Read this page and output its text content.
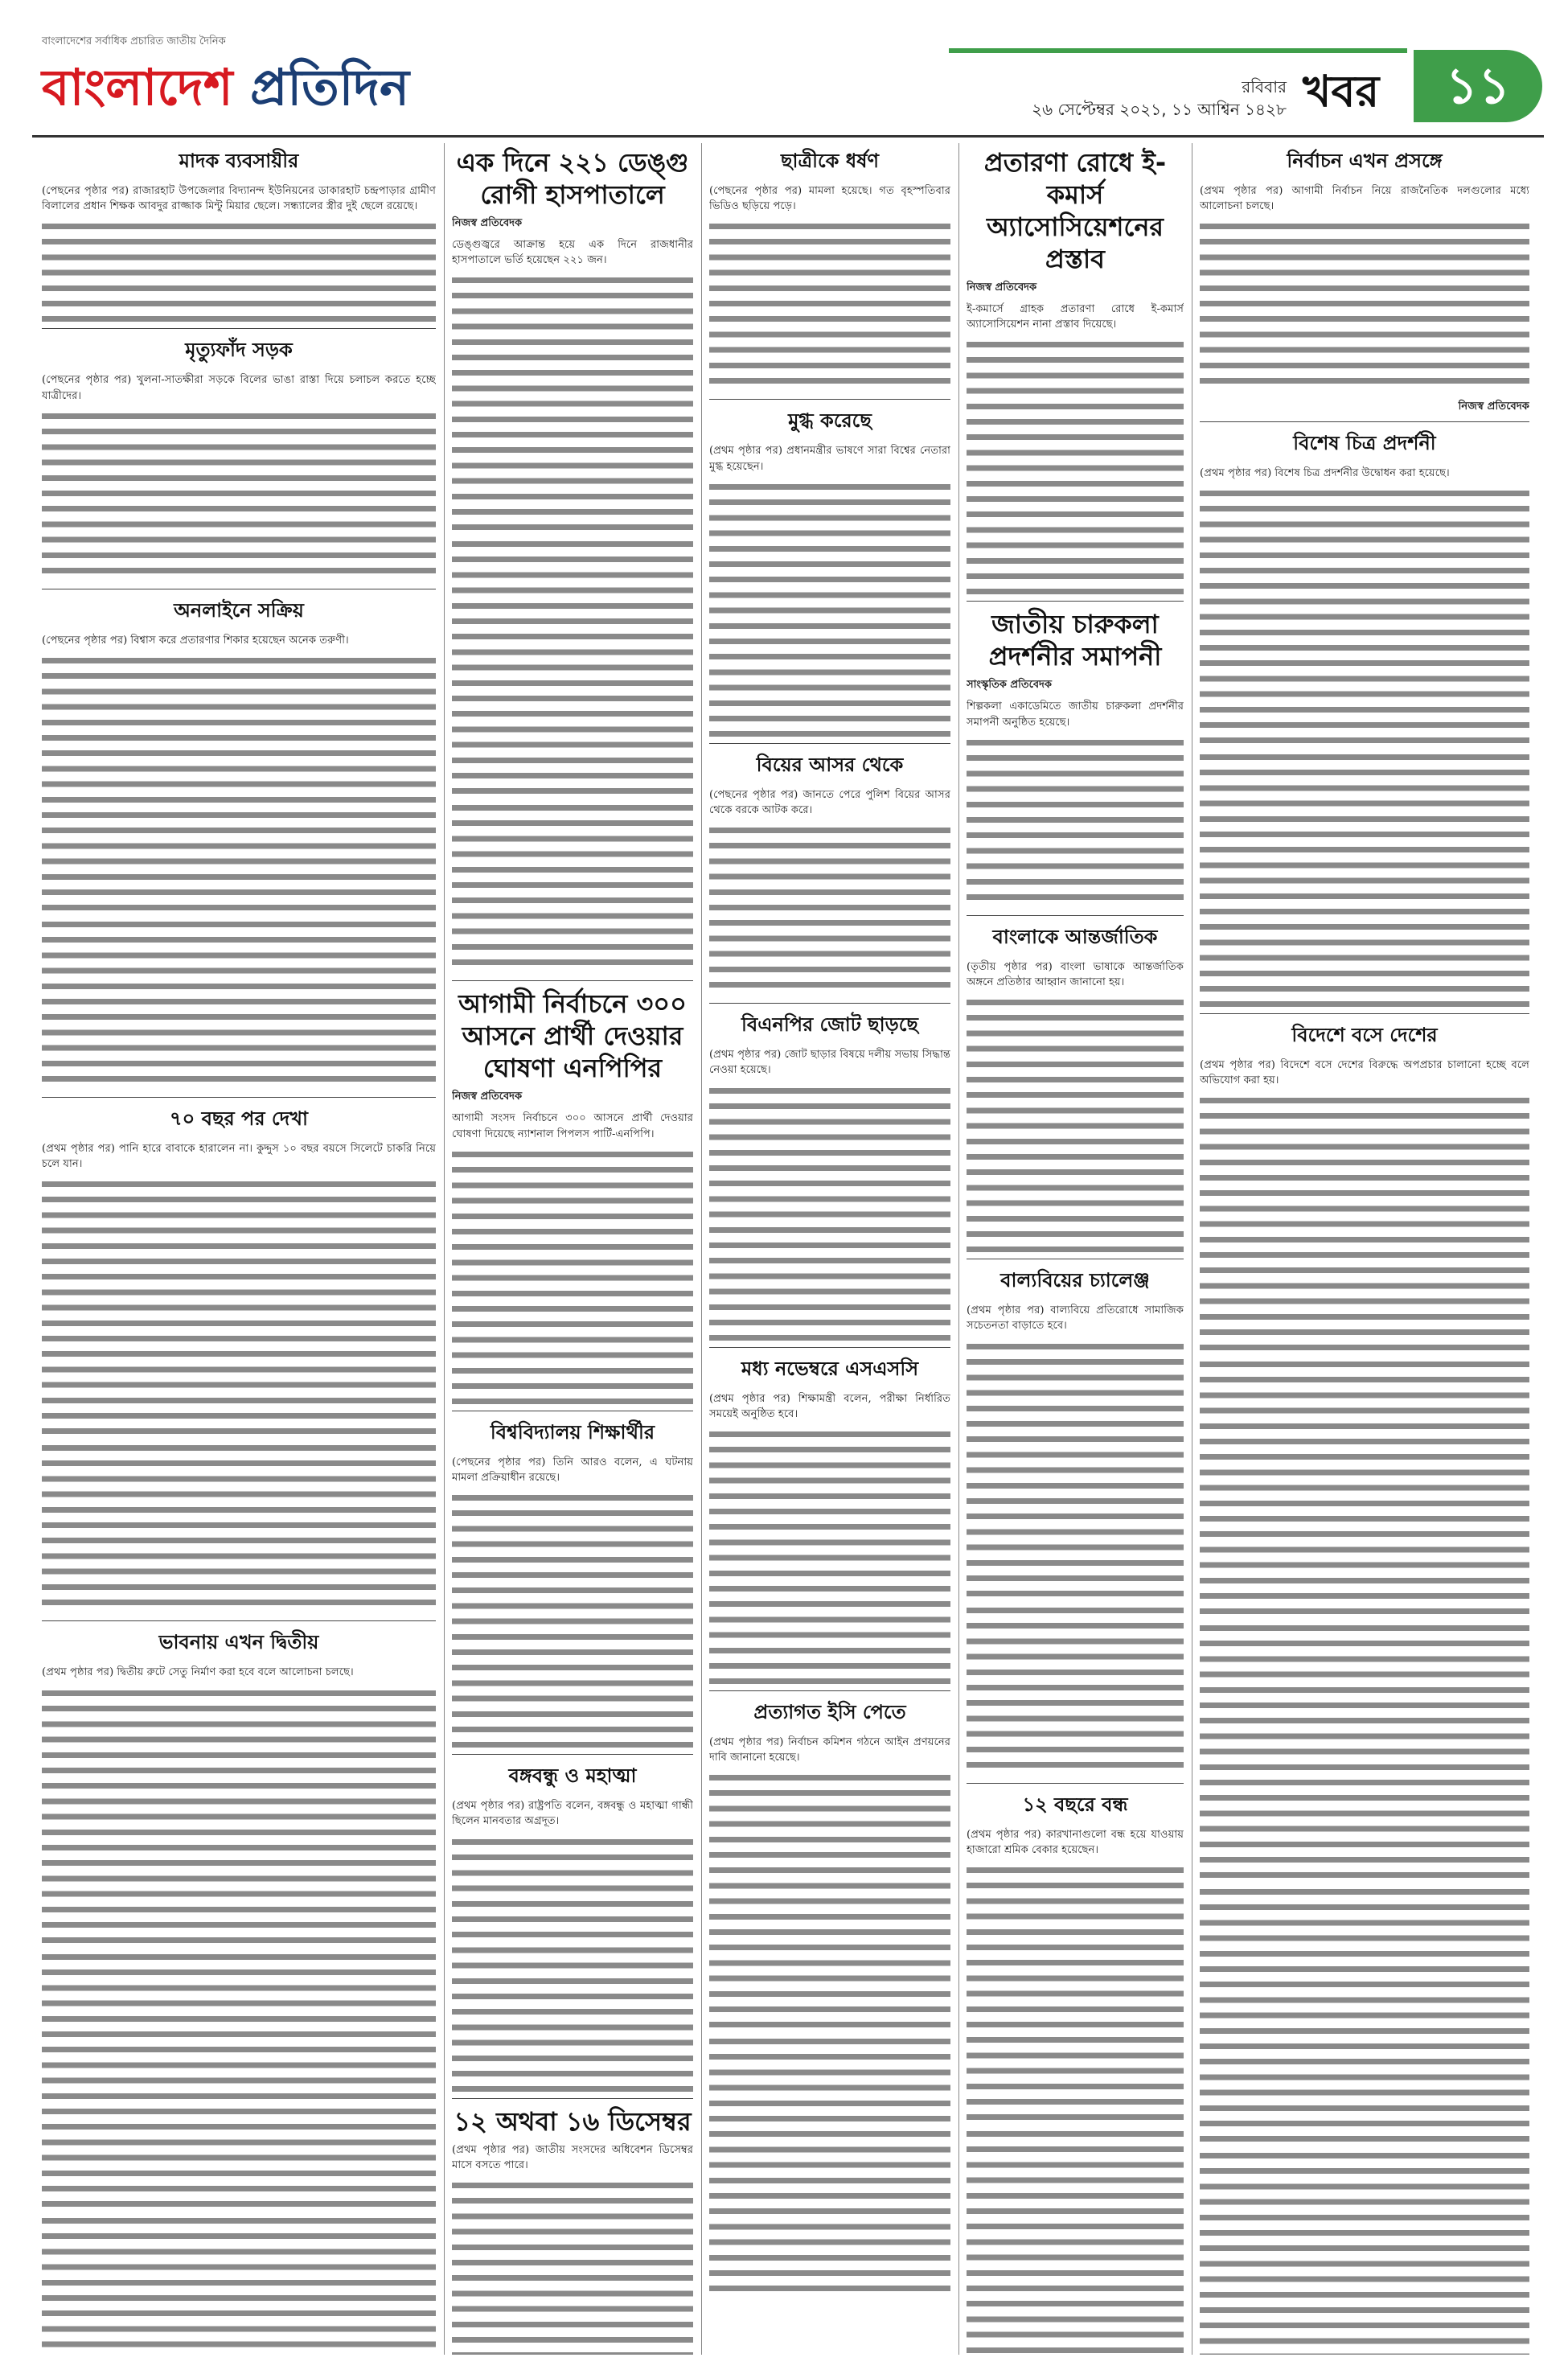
বাংলাদেশের সর্বাধিক প্রচারিত জাতীয় দৈনিক
বাংলাদেশ প্রতিদিন	রবিবার
২৬ সেপ্টেম্বর ২০২১, ১১ আশ্বিন ১৪২৮ খবর	১১
মাদক ব্যবসায়ীর

(পেছনের পৃষ্ঠার পর) রাজারহাট উপজেলার বিদ্যানন্দ ইউনিয়নের ডাকারহাট চন্দ্রপাড়ার গ্রামীণ বিলালের প্রধান শিক্ষক আবদুর রাজ্জাক মিন্টু মিয়ার ছেলে। সন্ধ্যালের স্ত্রীর দুই ছেলে রয়েছে।

মৃত্যুফাঁদ সড়ক

(পেছনের পৃষ্ঠার পর) খুলনা-সাতক্ষীরা সড়কে বিলের ভাঙা রাস্তা দিয়ে চলাচল করতে হচ্ছে যাত্রীদের।

অনলাইনে সক্রিয়

(পেছনের পৃষ্ঠার পর) বিশ্বাস করে প্রতারণার শিকার হয়েছেন অনেক তরুণী।

৭০ বছর পর দেখা

(প্রথম পৃষ্ঠার পর) পানি হারে বাবাকে হারালেন না। কুদ্দুস ১০ বছর বয়সে সিলেটে চাকরি নিয়ে চলে যান।

ভাবনায় এখন দ্বিতীয়

(প্রথম পৃষ্ঠার পর) দ্বিতীয় রুটে সেতু নির্মাণ করা হবে বলে আলোচনা চলছে।

এক দিনে ২২১ ডেঙ্গু রোগী হাসপাতালে
নিজস্ব প্রতিবেদক

ডেঙ্গুজ্বরে আক্রান্ত হয়ে এক দিনে রাজধানীর হাসপাতালে ভর্তি হয়েছেন ২২১ জন।

আগামী নির্বাচনে ৩০০ আসনে প্রার্থী দেওয়ার ঘোষণা এনপিপির
নিজস্ব প্রতিবেদক

আগামী সংসদ নির্বাচনে ৩০০ আসনে প্রার্থী দেওয়ার ঘোষণা দিয়েছে ন্যাশনাল পিপলস পার্টি-এনপিপি।

বিশ্ববিদ্যালয় শিক্ষার্থীর

(পেছনের পৃষ্ঠার পর) তিনি আরও বলেন, এ ঘটনায় মামলা প্রক্রিয়াধীন রয়েছে।

বঙ্গবন্ধু ও মহাত্মা

(প্রথম পৃষ্ঠার পর) রাষ্ট্রপতি বলেন, বঙ্গবন্ধু ও মহাত্মা গান্ধী ছিলেন মানবতার অগ্রদূত।

১২ অথবা ১৬ ডিসেম্বর

(প্রথম পৃষ্ঠার পর) জাতীয় সংসদের অধিবেশন ডিসেম্বর মাসে বসতে পারে।

ছাত্রীকে ধর্ষণ

(পেছনের পৃষ্ঠার পর) মামলা হয়েছে। গত বৃহস্পতিবার ভিডিও ছড়িয়ে পড়ে।

মুগ্ধ করেছে

(প্রথম পৃষ্ঠার পর) প্রধানমন্ত্রীর ভাষণে সারা বিশ্বের নেতারা মুগ্ধ হয়েছেন।

বিয়ের আসর থেকে

(পেছনের পৃষ্ঠার পর) জানতে পেরে পুলিশ বিয়ের আসর থেকে বরকে আটক করে।

বিএনপির জোট ছাড়ছে

(প্রথম পৃষ্ঠার পর) জোট ছাড়ার বিষয়ে দলীয় সভায় সিদ্ধান্ত নেওয়া হয়েছে।

মধ্য নভেম্বরে এসএসসি

(প্রথম পৃষ্ঠার পর) শিক্ষামন্ত্রী বলেন, পরীক্ষা নির্ধারিত সময়েই অনুষ্ঠিত হবে।

প্রত্যাগত ইসি পেতে

(প্রথম পৃষ্ঠার পর) নির্বাচন কমিশন গঠনে আইন প্রণয়নের দাবি জানানো হয়েছে।

প্রতারণা রোধে ই-কমার্স অ্যাসোসিয়েশনের প্রস্তাব
নিজস্ব প্রতিবেদক

ই-কমার্সে গ্রাহক প্রতারণা রোধে ই-কমার্স অ্যাসোসিয়েশন নানা প্রস্তাব দিয়েছে।

জাতীয় চারুকলা প্রদর্শনীর সমাপনী
সাংস্কৃতিক প্রতিবেদক

শিল্পকলা একাডেমিতে জাতীয় চারুকলা প্রদর্শনীর সমাপনী অনুষ্ঠিত হয়েছে।

বাংলাকে আন্তর্জাতিক

(তৃতীয় পৃষ্ঠার পর) বাংলা ভাষাকে আন্তর্জাতিক অঙ্গনে প্রতিষ্ঠার আহ্বান জানানো হয়।

বাল্যবিয়ের চ্যালেঞ্জ

(প্রথম পৃষ্ঠার পর) বাল্যবিয়ে প্রতিরোধে সামাজিক সচেতনতা বাড়াতে হবে।

১২ বছরে বন্ধ

(প্রথম পৃষ্ঠার পর) কারখানাগুলো বন্ধ হয়ে যাওয়ায় হাজারো শ্রমিক বেকার হয়েছেন।

নির্বাচন এখন প্রসঙ্গে

(প্রথম পৃষ্ঠার পর) আগামী নির্বাচন নিয়ে রাজনৈতিক দলগুলোর মধ্যে আলোচনা চলছে।

নিজস্ব প্রতিবেদক

বিশেষ চিত্র প্রদর্শনী

(প্রথম পৃষ্ঠার পর) বিশেষ চিত্র প্রদর্শনীর উদ্বোধন করা হয়েছে।

বিদেশে বসে দেশের

(প্রথম পৃষ্ঠার পর) বিদেশে বসে দেশের বিরুদ্ধে অপপ্রচার চালানো হচ্ছে বলে অভিযোগ করা হয়।
